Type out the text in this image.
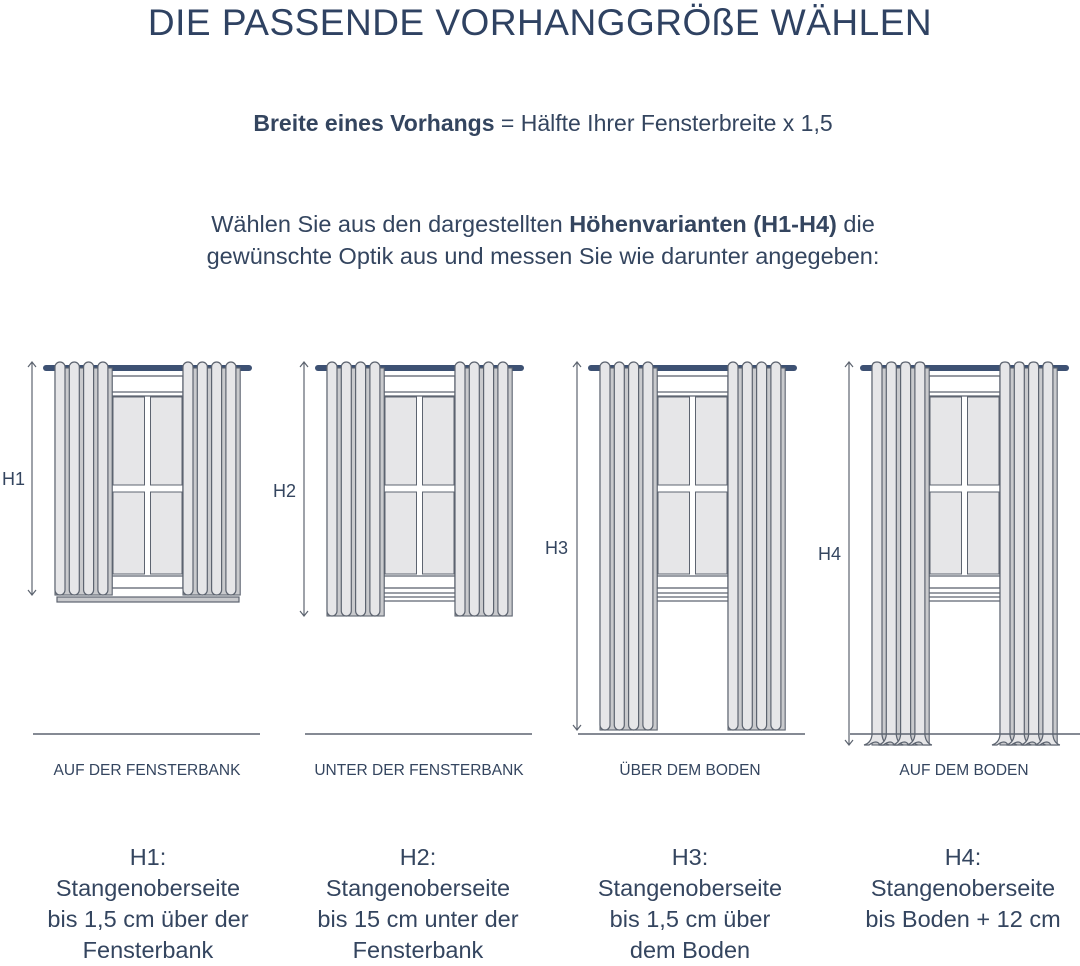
DIE PASSENDE VORHANGGRÖßE WÄHLEN
Breite eines Vorhangs = Hälfte Ihrer Fensterbreite x 1,5
Wählen Sie aus den dargestellten Höhenvarianten (H1-H4) die
gewünschte Optik aus und messen Sie wie darunter angegeben:
H1
H2
H3	H4
AUF DER FENSTERBANK	UNTER DER FENSTERBANK	ÜBER DEM BODEN	AUF DEM BODEN
H1:
Stangenoberseite
bis 1,5 cm über der
Fensterbank
H2:
Stangenoberseite
bis 15 cm unter der
Fensterbank
H3:
Stangenoberseite
bis 1,5 cm über
dem Boden
H4:
Stangenoberseite
bis Boden + 12 cm
